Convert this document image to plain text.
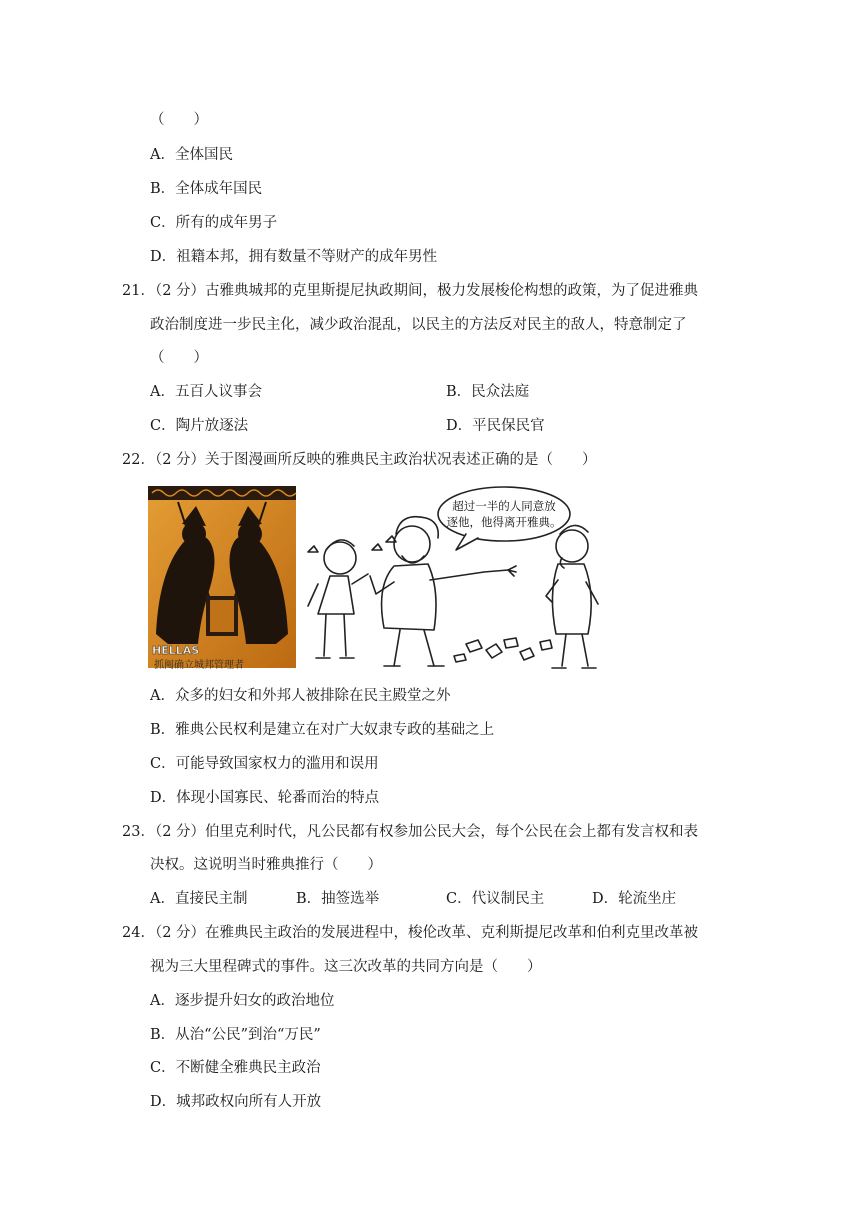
（　　）
A．全体国民
B．全体成年国民
C．所有的成年男子
D．祖籍本邦，拥有数量不等财产的成年男性
21．（2 分）古雅典城邦的克里斯提尼执政期间，极力发展梭伦构想的政策，为了促进雅典
政治制度进一步民主化，减少政治混乱，以民主的方法反对民主的敌人，特意制定了
（　　）
A．五百人议事会	B．民众法庭
C．陶片放逐法	D．平民保民官
22．（2 分）关于图漫画所反映的雅典民主政治状况表述正确的是（　　）
HELLAS
抓阄确立城邦管理者
超过一半的人同意放
逐他，他得离开雅典。
A．众多的妇女和外邦人被排除在民主殿堂之外
B．雅典公民权利是建立在对广大奴隶专政的基础之上
C．可能导致国家权力的滥用和误用
D．体现小国寡民、轮番而治的特点
23．（2 分）伯里克利时代，凡公民都有权参加公民大会，每个公民在会上都有发言权和表
决权。这说明当时雅典推行（　　）
A．直接民主制	B．抽签选举	C．代议制民主	D．轮流坐庄
24．（2 分）在雅典民主政治的发展进程中，梭伦改革、克利斯提尼改革和伯利克里改革被
视为三大里程碑式的事件。这三次改革的共同方向是（　　）
A．逐步提升妇女的政治地位
B．从治“公民”到治“万民”
C．不断健全雅典民主政治
D．城邦政权向所有人开放
